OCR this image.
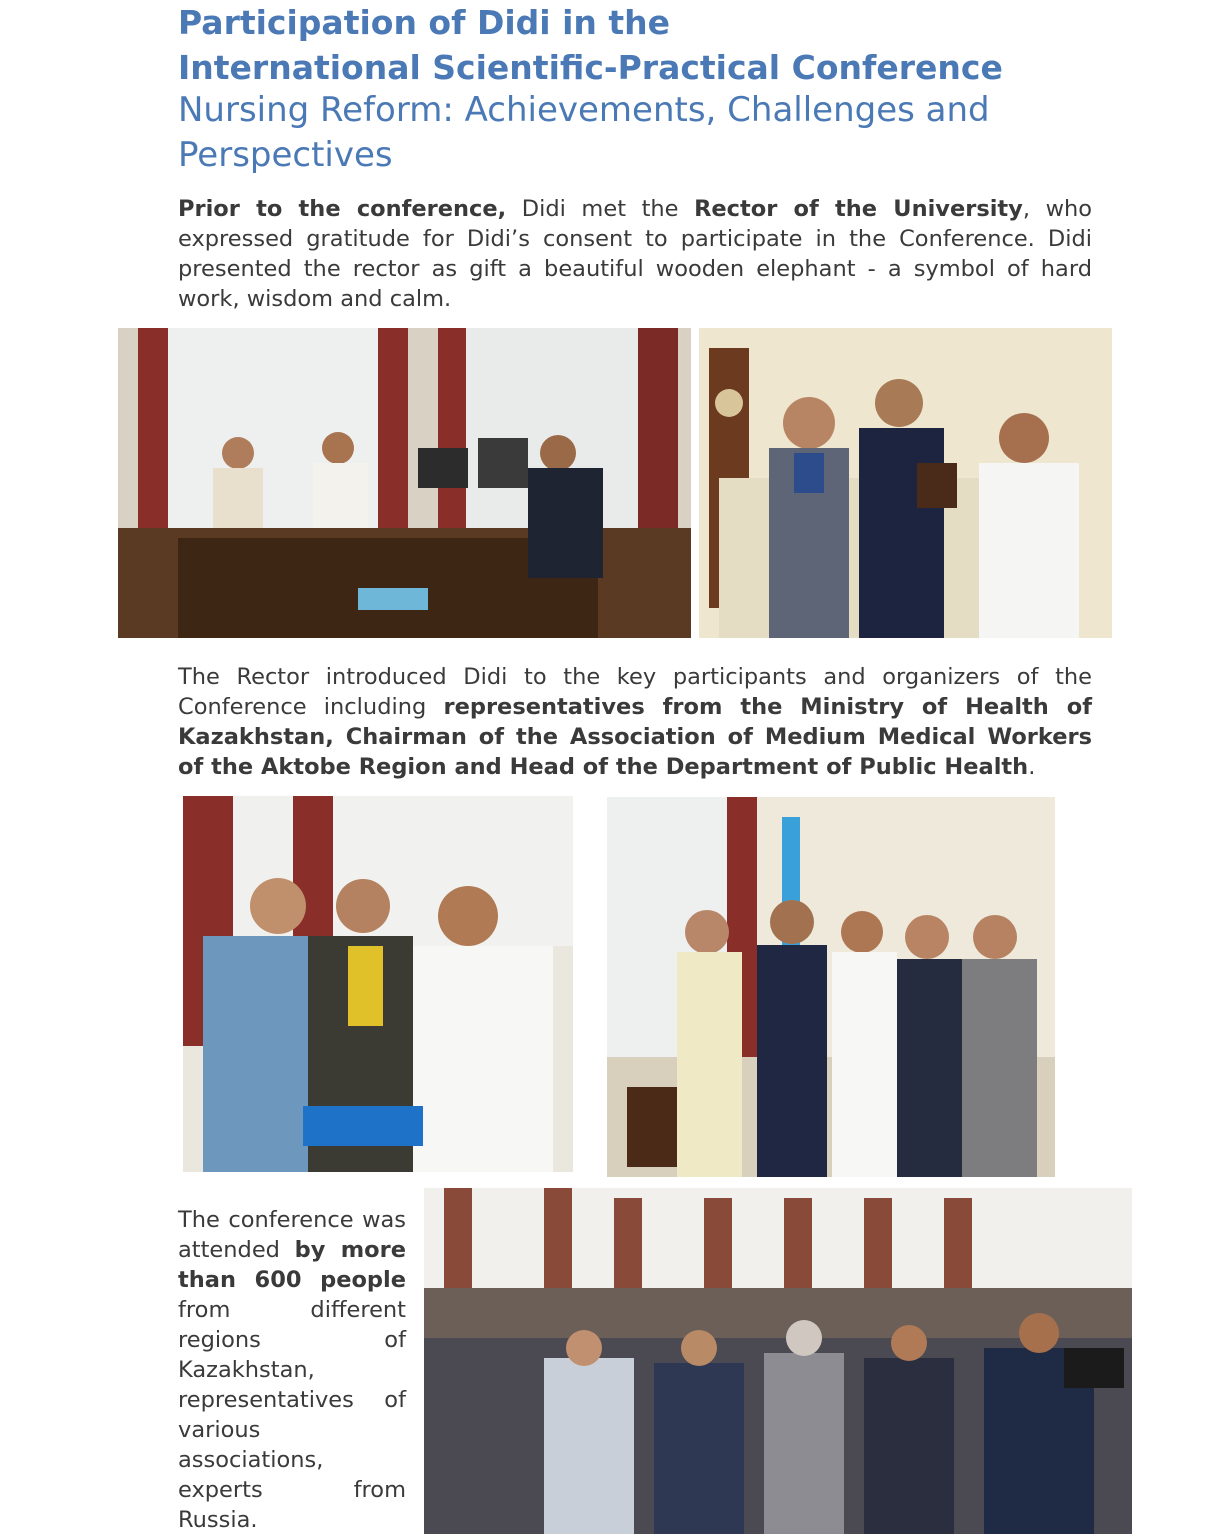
Participation of Didi in the
International Scientific-Practical Conference
Nursing Reform: Achievements, Challenges and
Perspectives
Prior to the conference, Didi met the Rector of the University, who expressed gratitude for Didi’s consent to participate in the Conference. Didi presented the rector as gift a beautiful wooden elephant - a symbol of hard work, wisdom and calm.
The Rector introduced Didi to the key participants and organizers of the Conference including representatives from the Ministry of Health of Kazakhstan, Chairman of the Association of Medium Medical Workers of the Aktobe Region and Head of the Department of Public Health.
The conference was attended by more than 600 people from different regions of Kazakhstan, representatives of various associations, experts from Russia.
